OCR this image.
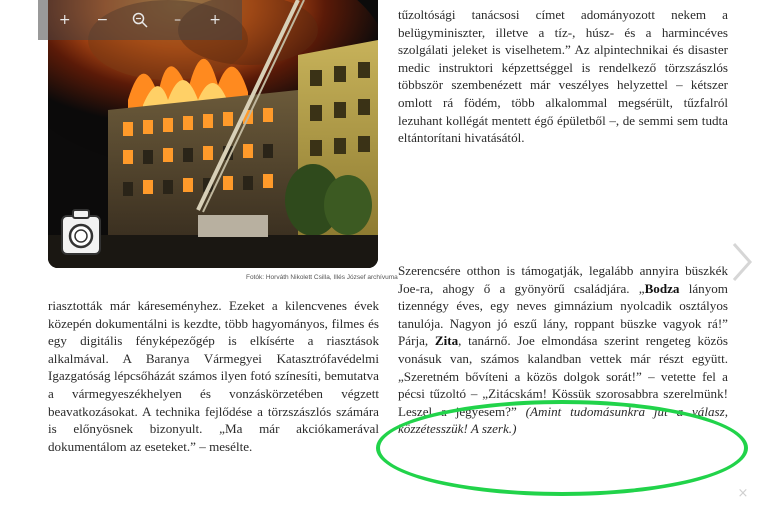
+ −	– +
Fotók: Horváth Nikolett Csilla, Illés József archívuma

tűzoltósági tanácsosi címet adományozott nekem a belügyminiszter, illetve a tíz-, húsz- és a harmincéves szolgálati jeleket is viselhetem.” Az alpintechnikai és disaster medic instruktori képzettséggel is rendelkező törzszászlós többször szembenézett már veszélyes helyzettel – kétszer omlott rá födém, több alkalommal megsérült, tűzfalról lezuhant kollégát mentett égő épületből –, de semmi sem tudta eltántorítani hivatásától.

riasztották már káreseményhez. Ezeket a kilencvenes évek közepén dokumentálni is kezdte, több hagyományos, filmes és egy digitális fényképezőgép is elkísérte a riasztások alkalmával. A Baranya Vármegyei Katasztrófavédelmi Igazgatóság lépcsőházát számos ilyen fotó színesíti, bemutatva a vármegyeszékhelyen és vonzáskörzetében végzett beavatkozásokat. A technika fejlődése a törzszászlós számára is előnyösnek bizonyult. „Ma már akciókamerával dokumentálom az eseteket.” – mesélte.

Szerencsére otthon is támogatják, legalább annyira büszkék Joe-ra, ahogy ő a gyönyörű családjára. „Bodza lányom tizennégy éves, egy neves gimnázium nyolcadik osztályos tanulója. Nagyon jó eszű lány, roppant büszke vagyok rá!” Párja, Zita, tanárnő. Joe elmondása szerint rengeteg közös vonásuk van, számos kalandban vettek már részt együtt. „Szeretném bővíteni a közös dolgok sorát!” – vetette fel a pécsi tűzoltó – „Zitácskám! Kössük szorosabbra szerelmünk! Leszel a jegyesem?” (Amint tudomásunkra jut a válasz, közzétesszük! A szerk.)

×
